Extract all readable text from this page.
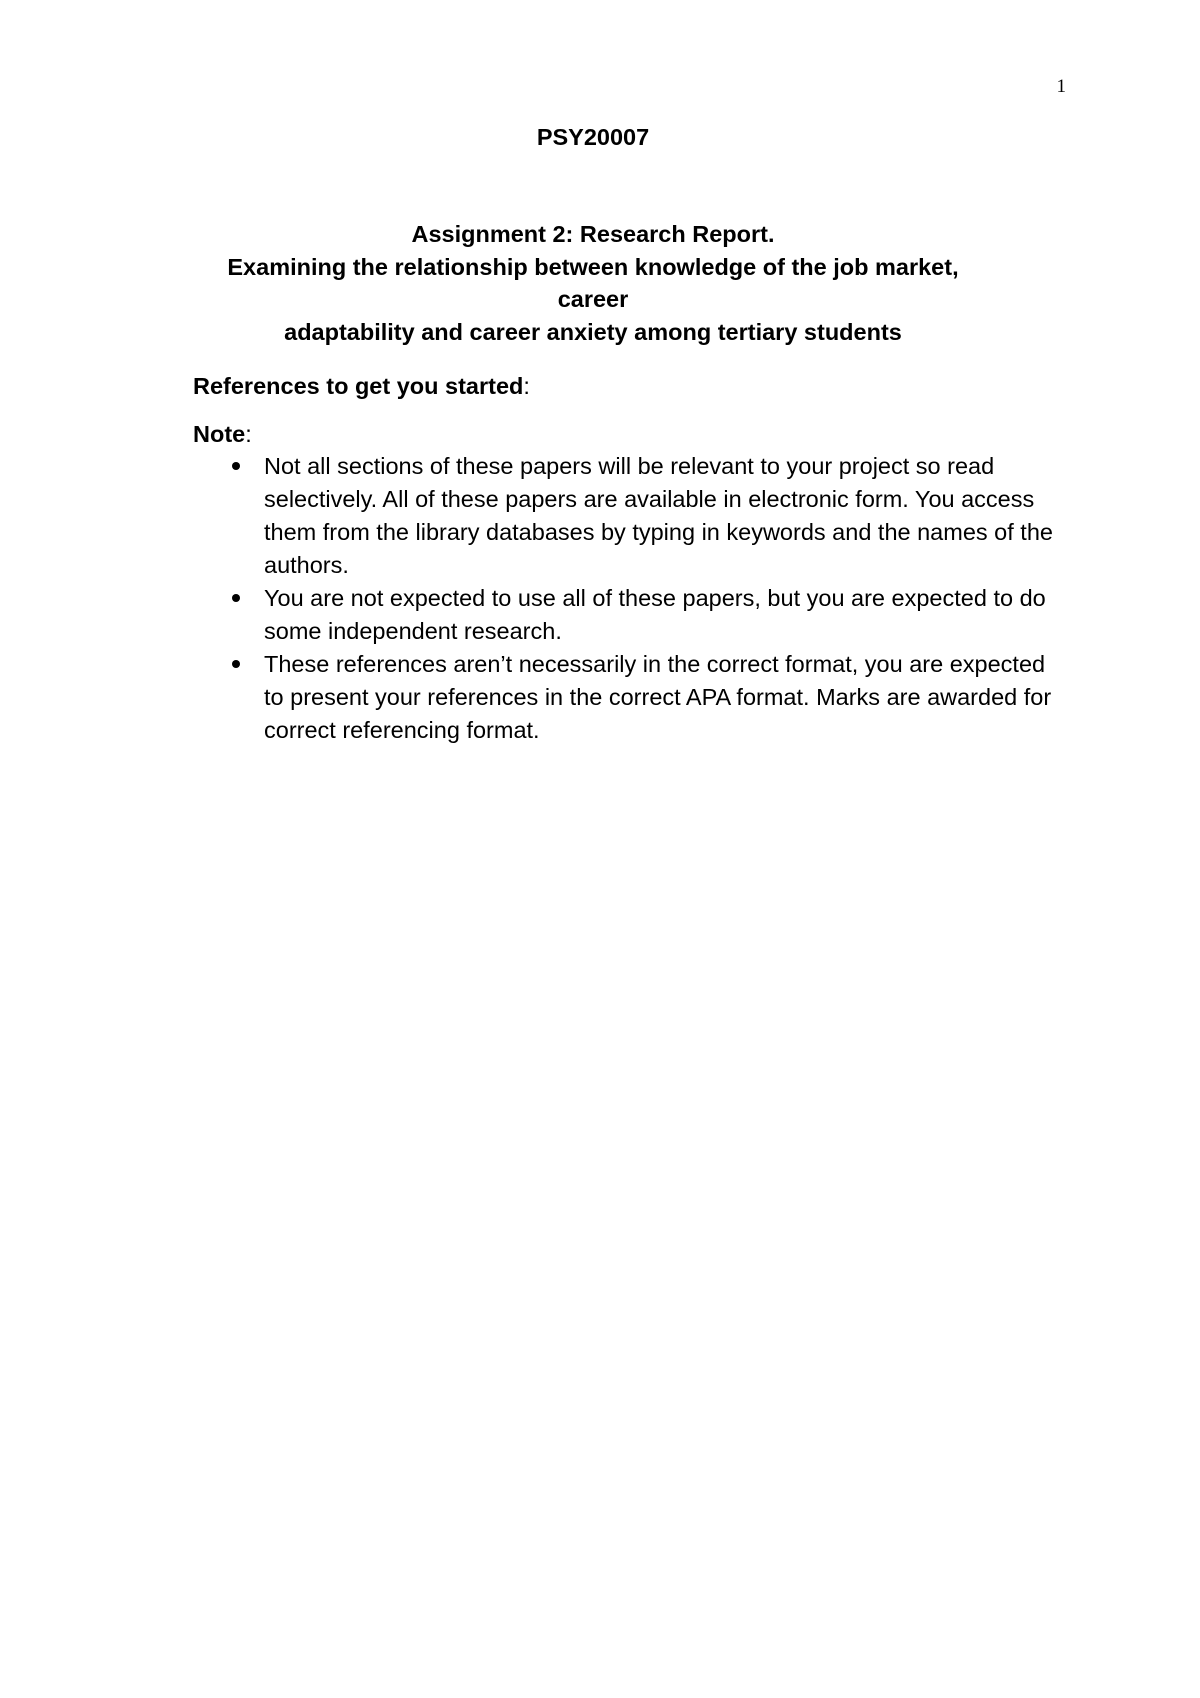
1
PSY20007
Assignment 2: Research Report.
Examining the relationship between knowledge of the job market, career
adaptability and career anxiety among tertiary students
References to get you started:
Note:
Not all sections of these papers will be relevant to your project so read selectively. All of these papers are available in electronic form. You access them from the library databases by typing in keywords and the names of the authors.
You are not expected to use all of these papers, but you are expected to do some independent research.
These references aren’t necessarily in the correct format, you are expected to present your references in the correct APA format. Marks are awarded for correct referencing format.
